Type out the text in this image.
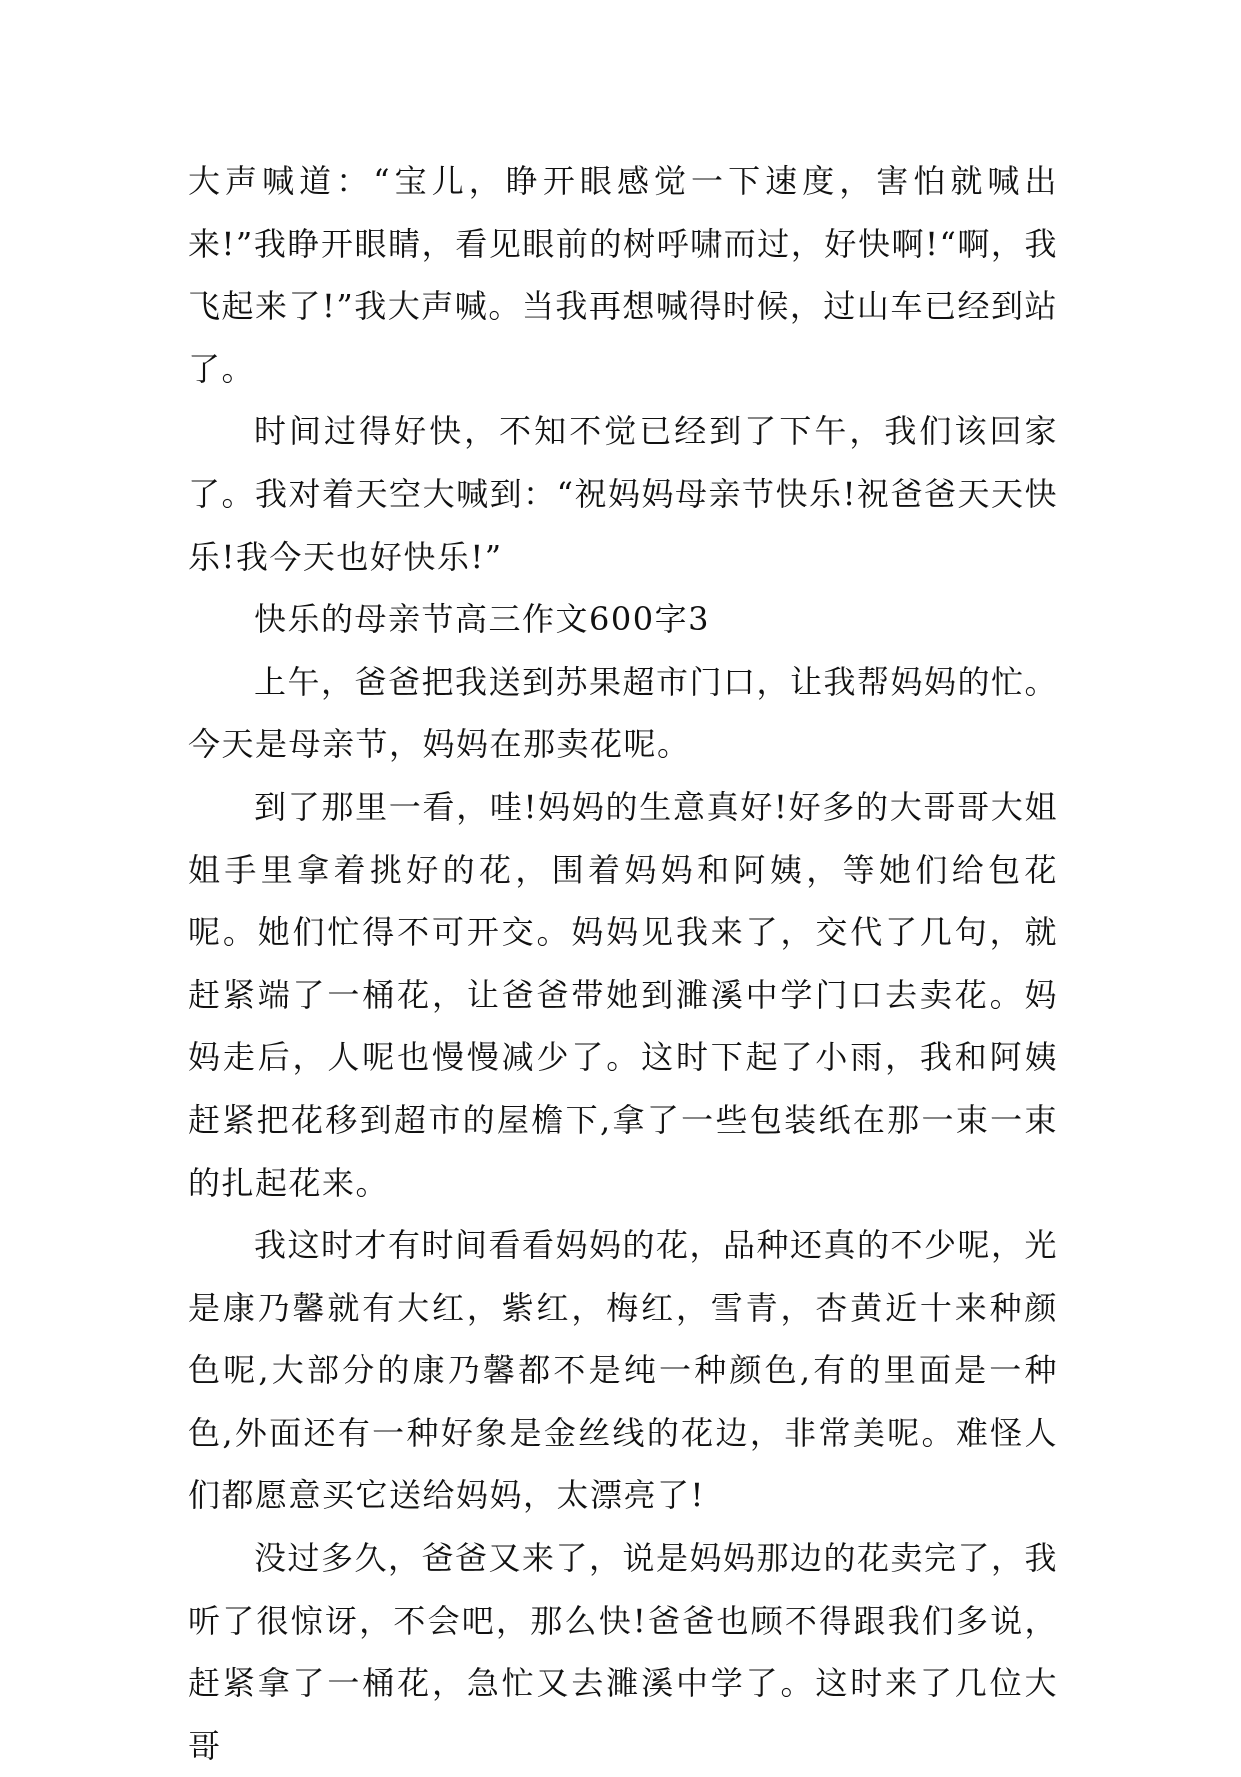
大声喊道：“宝儿，睁开眼感觉一下速度，害怕就喊出来!”我睁开眼睛，看见眼前的树呼啸而过，好快啊!“啊，我飞起来了!”我大声喊。当我再想喊得时候，过山车已经到站了。

时间过得好快，不知不觉已经到了下午，我们该回家了。我对着天空大喊到：“祝妈妈母亲节快乐!祝爸爸天天快乐!我今天也好快乐!”

快乐的母亲节高三作文600字3

上午，爸爸把我送到苏果超市门口，让我帮妈妈的忙。今天是母亲节，妈妈在那卖花呢。

到了那里一看，哇!妈妈的生意真好!好多的大哥哥大姐姐手里拿着挑好的花，围着妈妈和阿姨，等她们给包花呢。她们忙得不可开交。妈妈见我来了，交代了几句，就赶紧端了一桶花，让爸爸带她到濉溪中学门口去卖花。妈妈走后，人呢也慢慢减少了。这时下起了小雨，我和阿姨赶紧把花移到超市的屋檐下,拿了一些包装纸在那一束一束的扎起花来。

我这时才有时间看看妈妈的花，品种还真的不少呢，光是康乃馨就有大红，紫红，梅红，雪青，杏黄近十来种颜色呢,大部分的康乃馨都不是纯一种颜色,有的里面是一种色,外面还有一种好象是金丝线的花边，非常美呢。难怪人们都愿意买它送给妈妈，太漂亮了!

没过多久，爸爸又来了，说是妈妈那边的花卖完了，我听了很惊讶，不会吧，那么快!爸爸也顾不得跟我们多说，赶紧拿了一桶花，急忙又去濉溪中学了。这时来了几位大哥
